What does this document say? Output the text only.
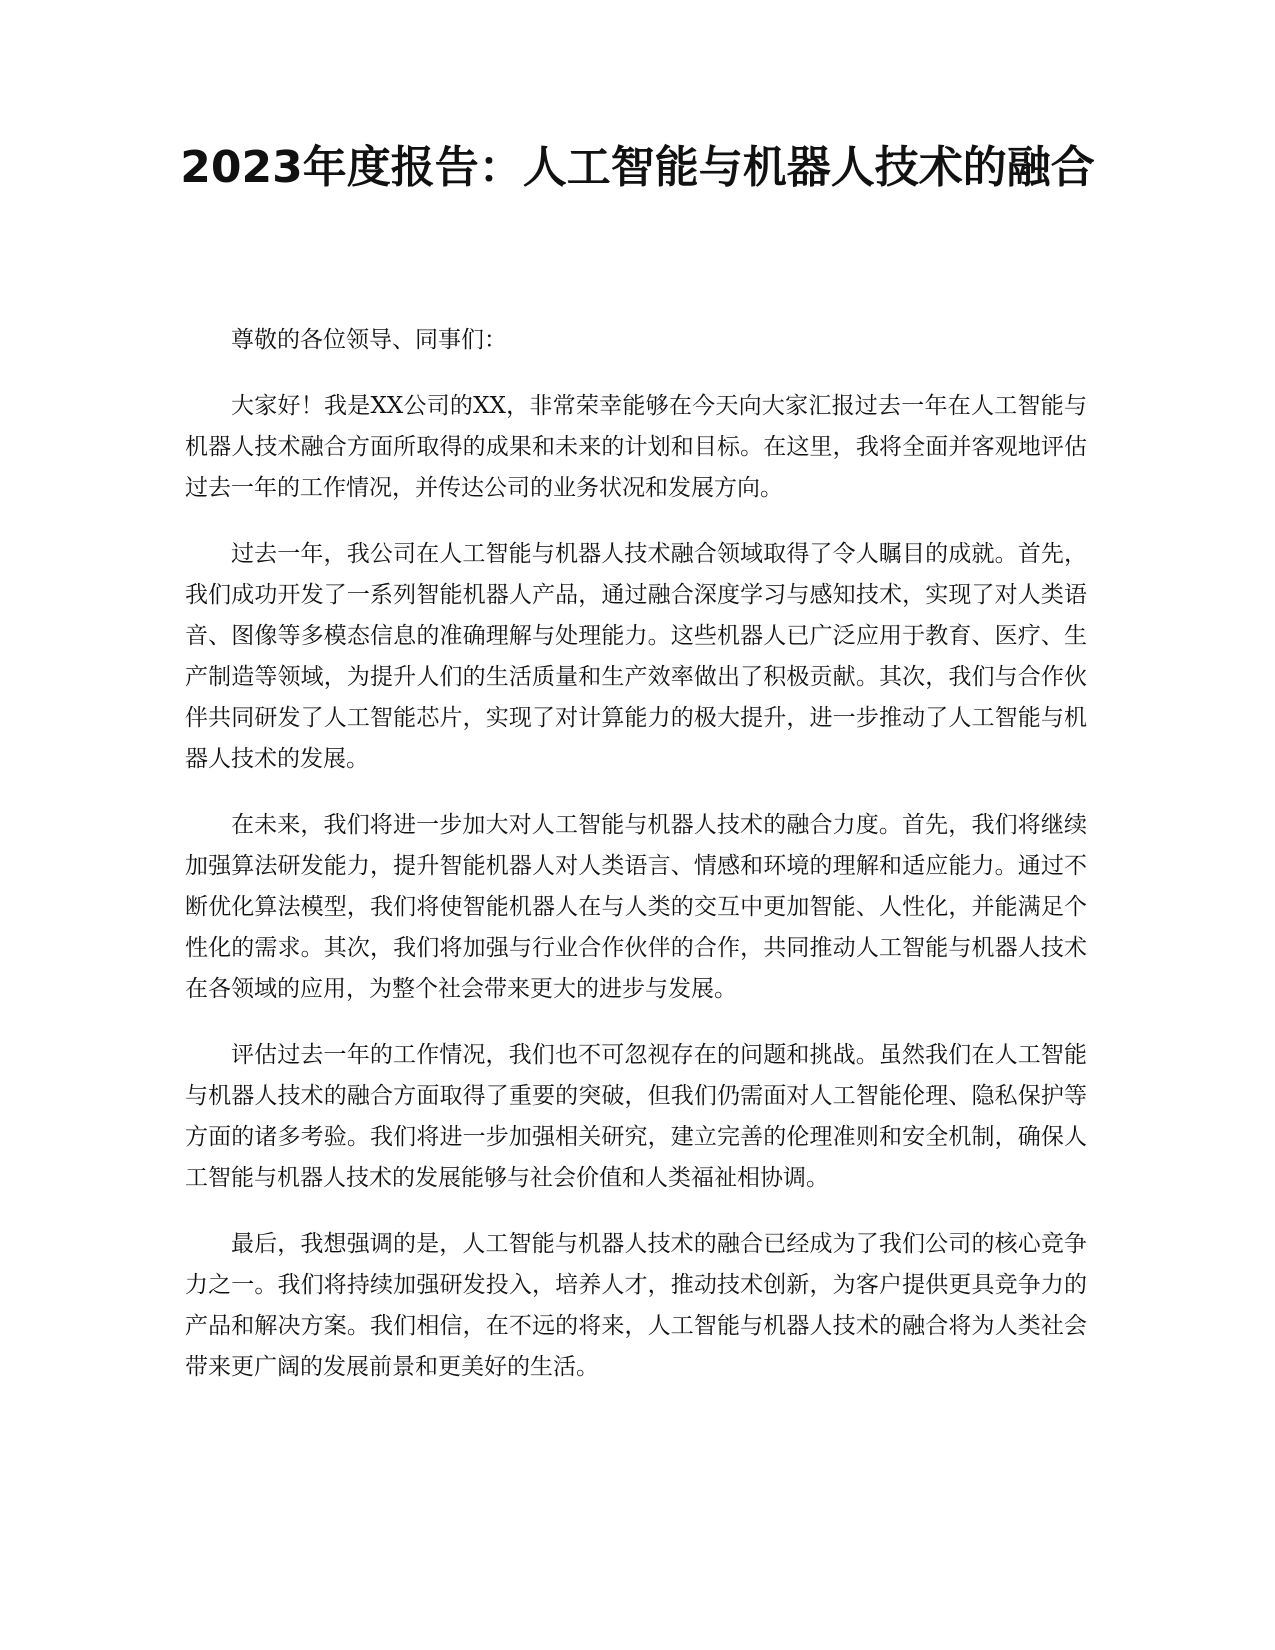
2023年度报告：人工智能与机器人技术的融合

尊敬的各位领导、同事们：

大家好！我是XX公司的XX，非常荣幸能够在今天向大家汇报过去一年在人工智能与机器人技术融合方面所取得的成果和未来的计划和目标。在这里，我将全面并客观地评估过去一年的工作情况，并传达公司的业务状况和发展方向。

过去一年，我公司在人工智能与机器人技术融合领域取得了令人瞩目的成就。首先，我们成功开发了一系列智能机器人产品，通过融合深度学习与感知技术，实现了对人类语音、图像等多模态信息的准确理解与处理能力。这些机器人已广泛应用于教育、医疗、生产制造等领域，为提升人们的生活质量和生产效率做出了积极贡献。其次，我们与合作伙伴共同研发了人工智能芯片，实现了对计算能力的极大提升，进一步推动了人工智能与机器人技术的发展。

在未来，我们将进一步加大对人工智能与机器人技术的融合力度。首先，我们将继续加强算法研发能力，提升智能机器人对人类语言、情感和环境的理解和适应能力。通过不断优化算法模型，我们将使智能机器人在与人类的交互中更加智能、人性化，并能满足个性化的需求。其次，我们将加强与行业合作伙伴的合作，共同推动人工智能与机器人技术在各领域的应用，为整个社会带来更大的进步与发展。

评估过去一年的工作情况，我们也不可忽视存在的问题和挑战。虽然我们在人工智能与机器人技术的融合方面取得了重要的突破，但我们仍需面对人工智能伦理、隐私保护等方面的诸多考验。我们将进一步加强相关研究，建立完善的伦理准则和安全机制，确保人工智能与机器人技术的发展能够与社会价值和人类福祉相协调。

最后，我想强调的是，人工智能与机器人技术的融合已经成为了我们公司的核心竞争力之一。我们将持续加强研发投入，培养人才，推动技术创新，为客户提供更具竞争力的产品和解决方案。我们相信，在不远的将来，人工智能与机器人技术的融合将为人类社会带来更广阔的发展前景和更美好的生活。
